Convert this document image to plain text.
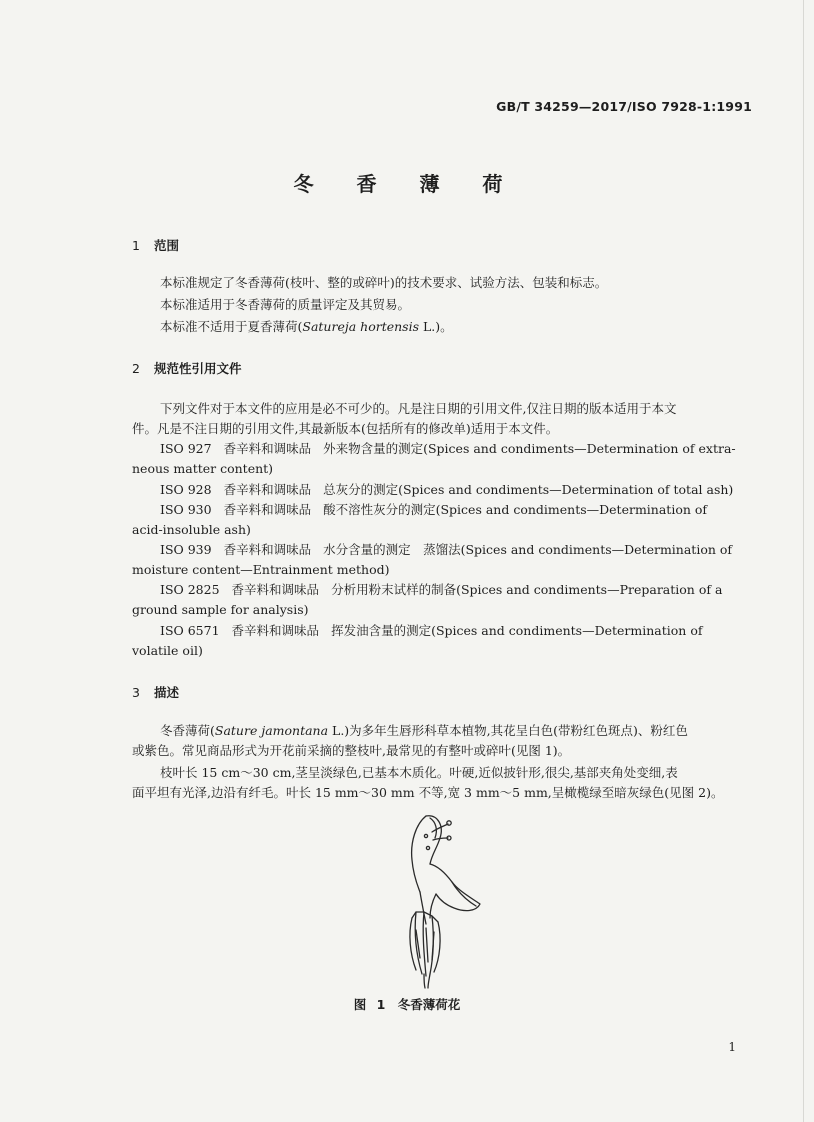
GB/T 34259—2017/ISO 7928-1:1991
冬 香 薄 荷
1 范围
本标准规定了冬香薄荷(枝叶、整的或碎叶)的技术要求、试验方法、包装和标志。
本标准适用于冬香薄荷的质量评定及其贸易。
本标准不适用于夏香薄荷(Satureja hortensis L.)。
2 规范性引用文件
下列文件对于本文件的应用是必不可少的。凡是注日期的引用文件,仅注日期的版本适用于本文
件。凡是不注日期的引用文件,其最新版本(包括所有的修改单)适用于本文件。
ISO 927 香辛料和调味品 外来物含量的测定(Spices and condiments—Determination of extra-
neous matter content)
ISO 928 香辛料和调味品 总灰分的测定(Spices and condiments—Determination of total ash)
ISO 930 香辛料和调味品 酸不溶性灰分的测定(Spices and condiments—Determination of
acid-insoluble ash)
ISO 939 香辛料和调味品 水分含量的测定　蒸馏法(Spices and condiments—Determination of
moisture content—Entrainment method)
ISO 2825 香辛料和调味品 分析用粉末试样的制备(Spices and condiments—Preparation of a
ground sample for analysis)
ISO 6571 香辛料和调味品 挥发油含量的测定(Spices and condiments—Determination of
volatile oil)
3 描述
冬香薄荷(Sature jamontana L.)为多年生唇形科草本植物,其花呈白色(带粉红色斑点)、粉红色
或紫色。常见商品形式为开花前采摘的整枝叶,最常见的有整叶或碎叶(见图 1)。
枝叶长 15 cm～30 cm,茎呈淡绿色,已基本木质化。叶硬,近似披针形,很尖,基部夹角处变细,表
面平坦有光泽,边沿有纤毛。叶长 15 mm～30 mm 不等,宽 3 mm～5 mm,呈橄榄绿至暗灰绿色(见图 2)。
图 1　冬香薄荷花
1
